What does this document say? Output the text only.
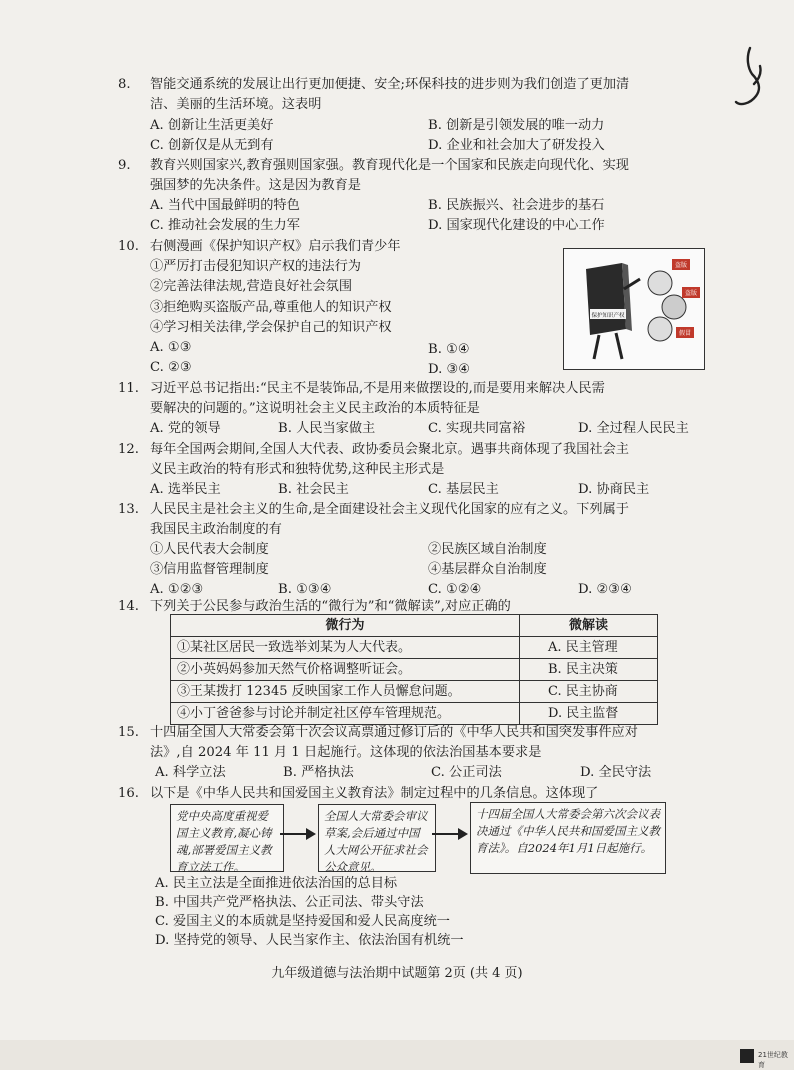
8. 智能交通系统的发展让出行更加便捷、安全;环保科技的进步则为我们创造了更加清
洁、美丽的生活环境。这表明
A. 创新让生活更美好	B. 创新是引领发展的唯一动力
C. 创新仅是从无到有	D. 企业和社会加大了研发投入
9. 教育兴则国家兴,教育强则国家强。教育现代化是一个国家和民族走向现代化、实现
强国梦的先决条件。这是因为教育是
A. 当代中国最鲜明的特色	B. 民族振兴、社会进步的基石
C. 推动社会发展的生力军	D. 国家现代化建设的中心工作
10. 右侧漫画《保护知识产权》启示我们青少年
①严厉打击侵犯知识产权的违法行为
②完善法律法规,营造良好社会氛围
③拒绝购买盗版产品,尊重他人的知识产权
④学习相关法律,学会保护自己的知识产权
A. ①③	B. ①④
C. ②③	D. ③④
保护知识产权
盗版
盗版
假冒
11. 习近平总书记指出:“民主不是装饰品,不是用来做摆设的,而是要用来解决人民需
要解决的问题的。”这说明社会主义民主政治的本质特征是
A. 党的领导	B. 人民当家做主	C. 实现共同富裕	D. 全过程人民民主
12. 每年全国两会期间,全国人大代表、政协委员会聚北京。遇事共商体现了我国社会主
义民主政治的特有形式和独特优势,这种民主形式是
A. 选举民主	B. 社会民主	C. 基层民主	D. 协商民主
13. 人民民主是社会主义的生命,是全面建设社会主义现代化国家的应有之义。下列属于
我国民主政治制度的有
①人民代表大会制度	②民族区域自治制度
③信用监督管理制度	④基层群众自治制度
A. ①②③	B. ①③④	C. ①②④	D. ②③④
14. 下列关于公民参与政治生活的“微行为”和“微解读”,对应正确的
微行为	微解读
①某社区居民一致选举刘某为人大代表。	A. 民主管理
②小英妈妈参加天然气价格调整听证会。	B. 民主决策
③王某拨打 12345 反映国家工作人员懈怠问题。	C. 民主协商
④小丁爸爸参与讨论并制定社区停车管理规范。	D. 民主监督
15. 十四届全国人大常委会第十次会议高票通过修订后的《中华人民共和国突发事件应对
法》,自 2024 年 11 月 1 日起施行。这体现的依法治国基本要求是
A. 科学立法	B. 严格执法	C. 公正司法	D. 全民守法
16. 以下是《中华人民共和国爱国主义教育法》制定过程中的几条信息。这体现了
党中央高度重视爱国主义教育,凝心铸魂,部署爱国主义教育立法工作。
全国人大常委会审议草案,会后通过中国人大网公开征求社会公众意见。
十四届全国人大常委会第六次会议表决通过《中华人民共和国爱国主义教育法》。自2024年1月1日起施行。
A. 民主立法是全面推进依法治国的总目标
B. 中国共产党严格执法、公正司法、带头守法
C. 爱国主义的本质就是坚持爱国和爱人民高度统一
D. 坚持党的领导、人民当家作主、依法治国有机统一
九年级道德与法治期中试题第 2页 (共 4 页)
21世纪教育
